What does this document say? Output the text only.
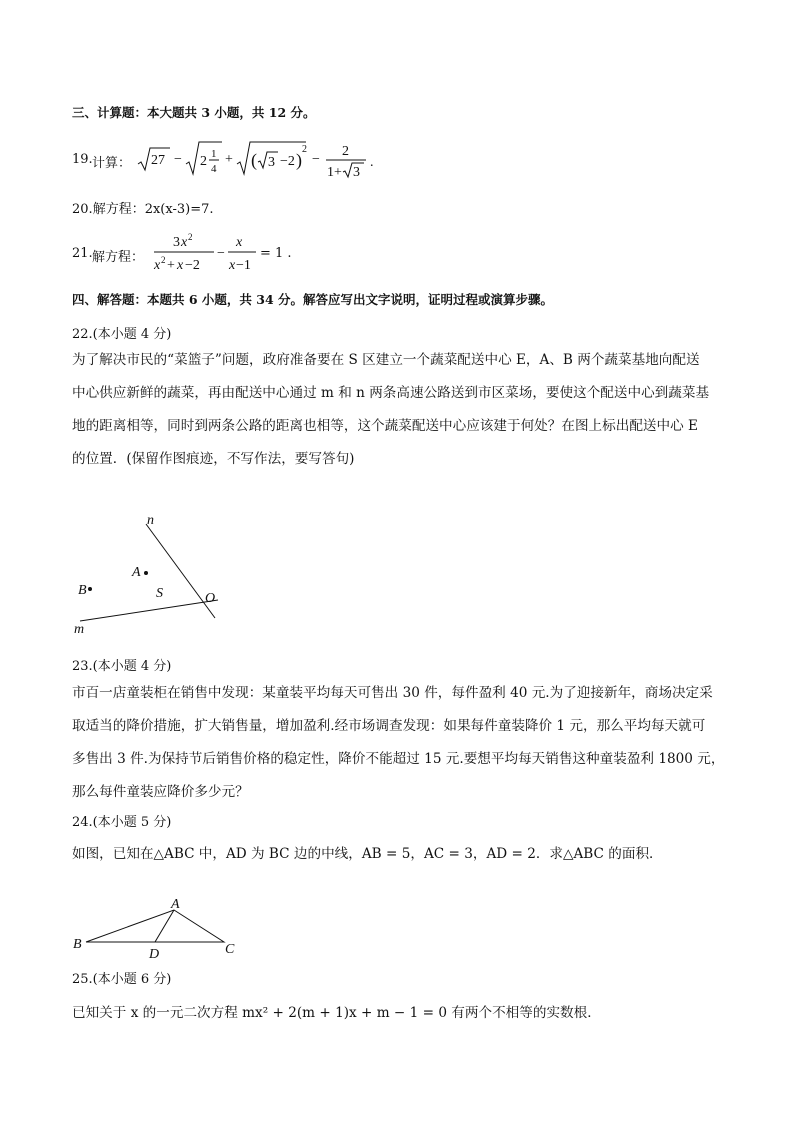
三、计算题：本大题共 3 小题，共 12 分。
19. 计算： 27 − 2 1
4
+ ( 3 −2 )
2
−
2
1+ 3
.
20.解方程：2x(x-3)=7.
21. 解方程：
3 x 2
x 2 + x −2
−
x
x −1
= 1 .
四、解答题：本题共 6 小题，共 34 分。解答应写出文字说明，证明过程或演算步骤。
22.(本小题 4 分)
为了解决市民的“菜篮子”问题，政府准备要在 S 区建立一个蔬菜配送中心 E，A、B 两个蔬菜基地向配送
中心供应新鲜的蔬菜，再由配送中心通过 m 和 n 两条高速公路送到市区菜场，要使这个配送中心到蔬菜基
地的距离相等，同时到两条公路的距离也相等，这个蔬菜配送中心应该建于何处？在图上标出配送中心 E
的位置．(保留作图痕迹，不写作法，要写答句)
n
m
A
B	S	O
23.(本小题 4 分)
市百一店童装柜在销售中发现：某童装平均每天可售出 30 件，每件盈利 40 元.为了迎接新年，商场决定采
取适当的降价措施，扩大销售量，增加盈利.经市场调查发现：如果每件童装降价 1 元，那么平均每天就可
多售出 3 件.为保持节后销售价格的稳定性，降价不能超过 15 元.要想平均每天销售这种童装盈利 1800 元，
那么每件童装应降价多少元？
24.(本小题 5 分)
如图，已知在△ABC 中，AD 为 BC 边的中线，AB = 5，AC = 3，AD = 2．求△ABC 的面积．
A
B	C
D
25.(本小题 6 分)
已知关于 x 的一元二次方程 mx² + 2(m + 1)x + m − 1 = 0 有两个不相等的实数根．
